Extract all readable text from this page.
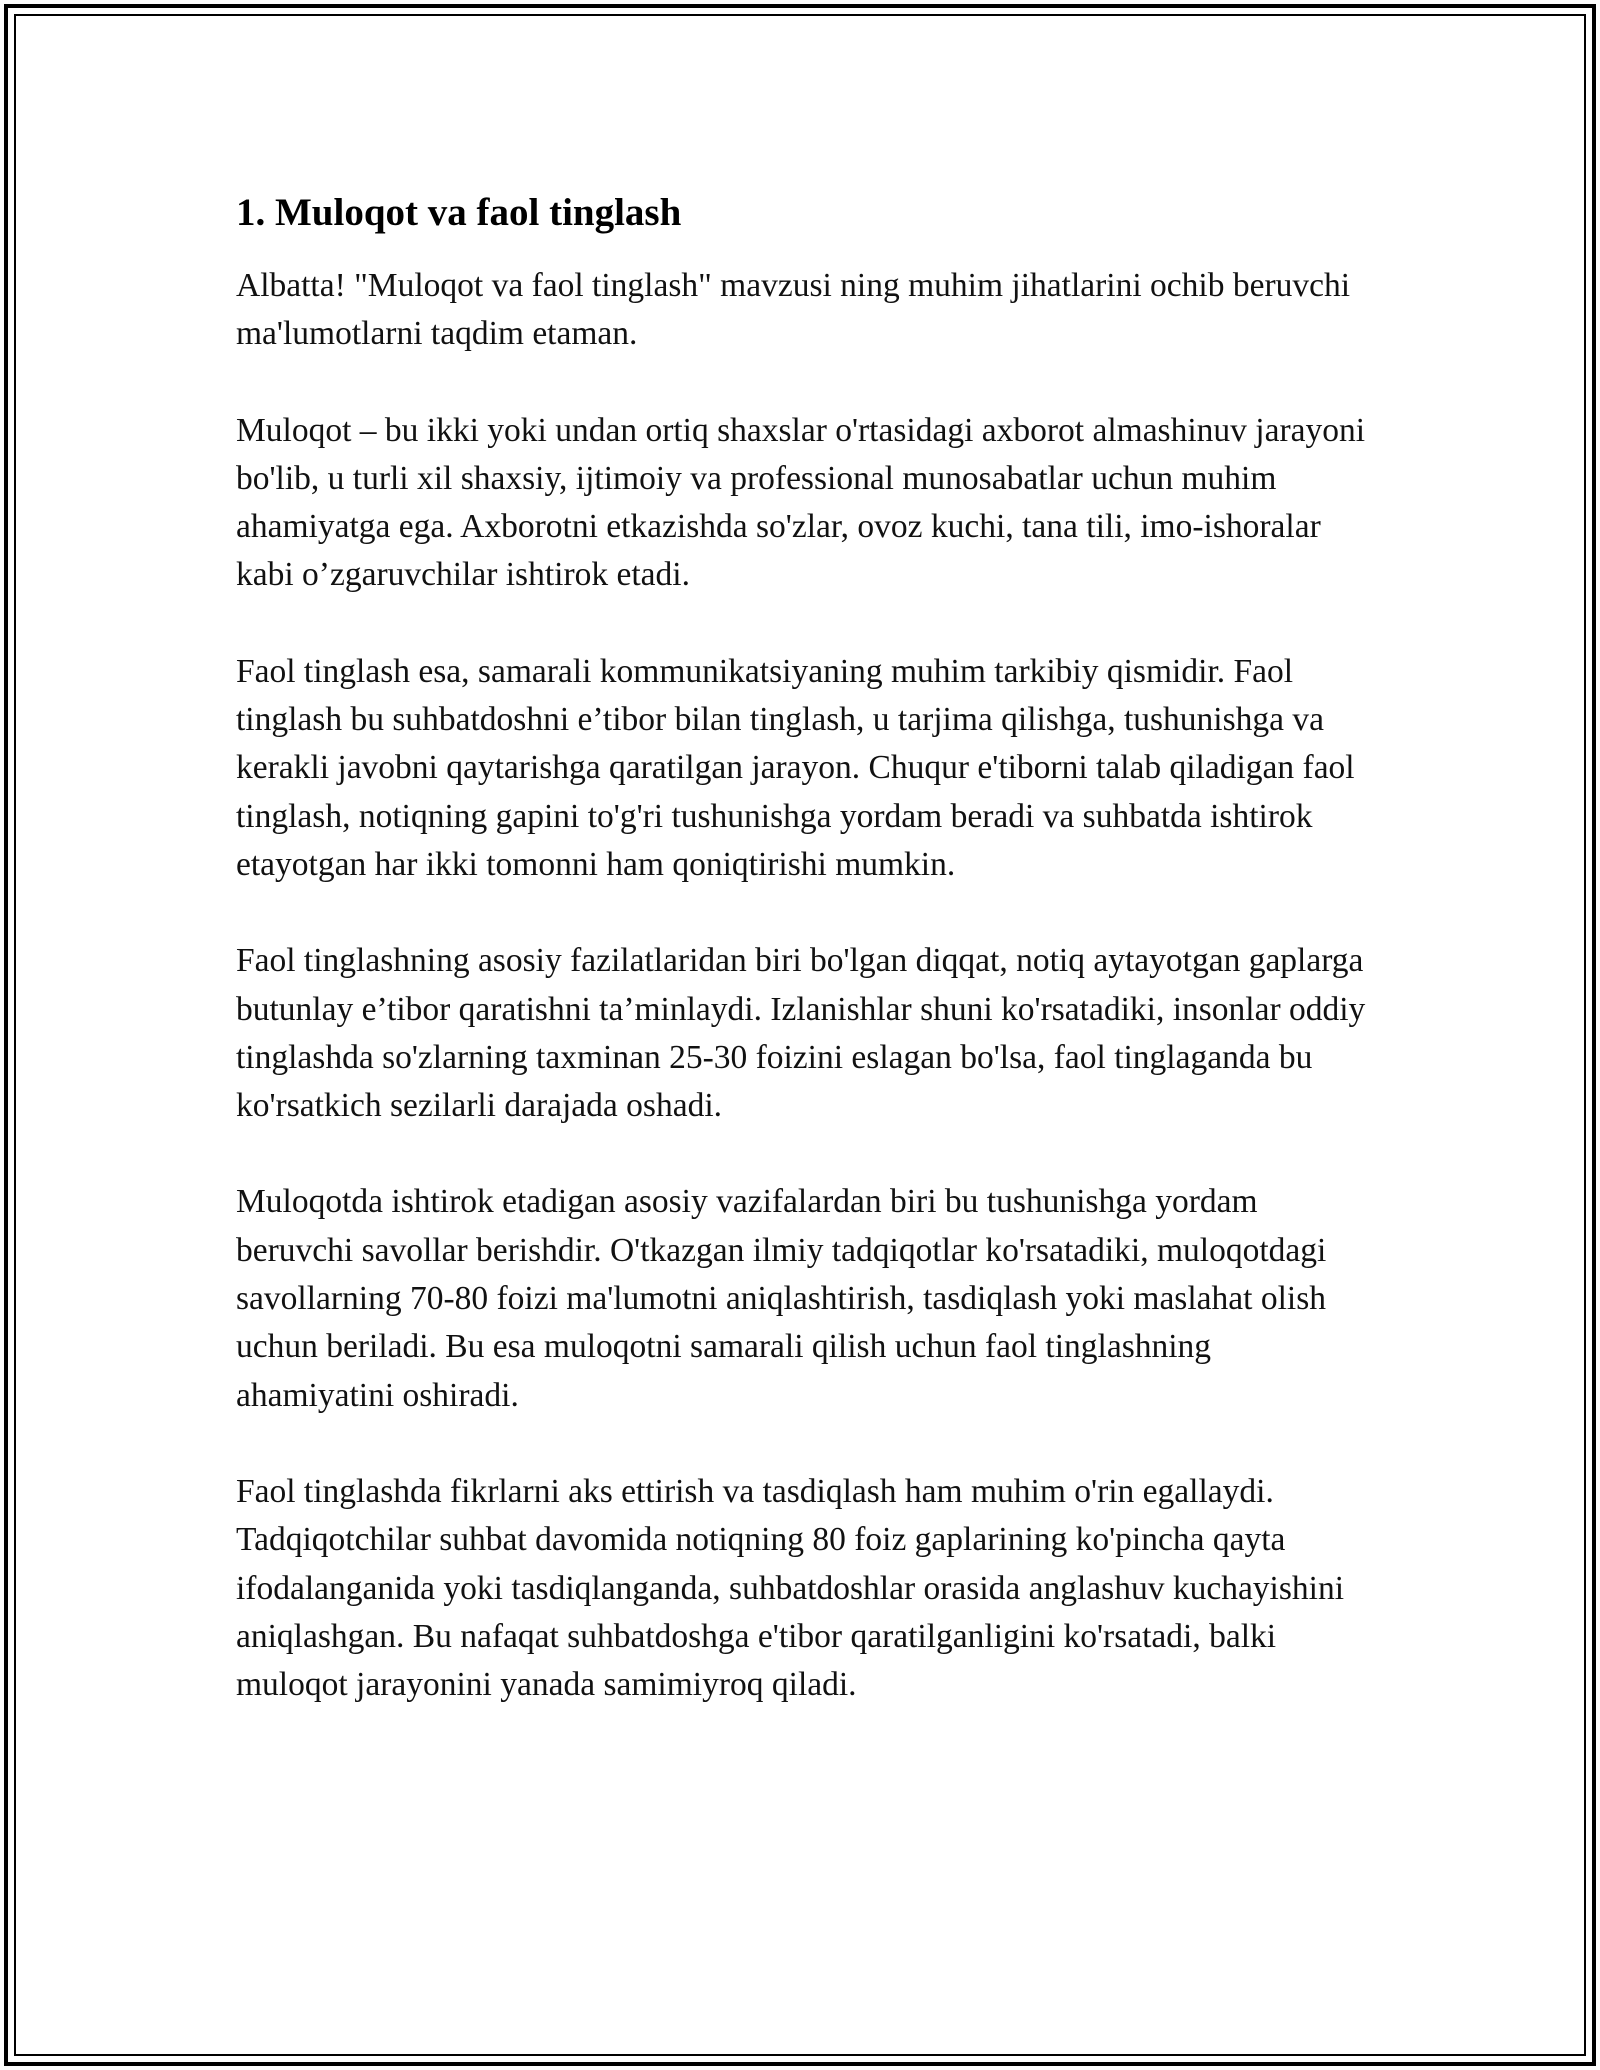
1. Muloqot va faol tinglash

Albatta! "Muloqot va faol tinglash" mavzusi ning muhim jihatlarini ochib beruvchi ma'lumotlarni taqdim etaman.

Muloqot – bu ikki yoki undan ortiq shaxslar o'rtasidagi axborot almashinuv jarayoni bo'lib, u turli xil shaxsiy, ijtimoiy va professional munosabatlar uchun muhim ahamiyatga ega. Axborotni etkazishda so'zlar, ovoz kuchi, tana tili, imo-ishoralar kabi o’zgaruvchilar ishtirok etadi.

Faol tinglash esa, samarali kommunikatsiyaning muhim tarkibiy qismidir. Faol tinglash bu suhbatdoshni e’tibor bilan tinglash, u tarjima qilishga, tushunishga va kerakli javobni qaytarishga qaratilgan jarayon. Chuqur e'tiborni talab qiladigan faol tinglash, notiqning gapini to'g'ri tushunishga yordam beradi va suhbatda ishtirok etayotgan har ikki tomonni ham qoniqtirishi mumkin.

Faol tinglashning asosiy fazilatlaridan biri bo'lgan diqqat, notiq aytayotgan gaplarga butunlay e’tibor qaratishni ta’minlaydi. Izlanishlar shuni ko'rsatadiki, insonlar oddiy tinglashda so'zlarning taxminan 25-30 foizini eslagan bo'lsa, faol tinglaganda bu ko'rsatkich sezilarli darajada oshadi.

Muloqotda ishtirok etadigan asosiy vazifalardan biri bu tushunishga yordam beruvchi savollar berishdir. O'tkazgan ilmiy tadqiqotlar ko'rsatadiki, muloqotdagi savollarning 70-80 foizi ma'lumotni aniqlashtirish, tasdiqlash yoki maslahat olish uchun beriladi. Bu esa muloqotni samarali qilish uchun faol tinglashning ahamiyatini oshiradi.

Faol tinglashda fikrlarni aks ettirish va tasdiqlash ham muhim o'rin egallaydi. Tadqiqotchilar suhbat davomida notiqning 80 foiz gaplarining ko'pincha qayta ifodalanganida yoki tasdiqlanganda, suhbatdoshlar orasida anglashuv kuchayishini aniqlashgan. Bu nafaqat suhbatdoshga e'tibor qaratilganligini ko'rsatadi, balki muloqot jarayonini yanada samimiyroq qiladi.
